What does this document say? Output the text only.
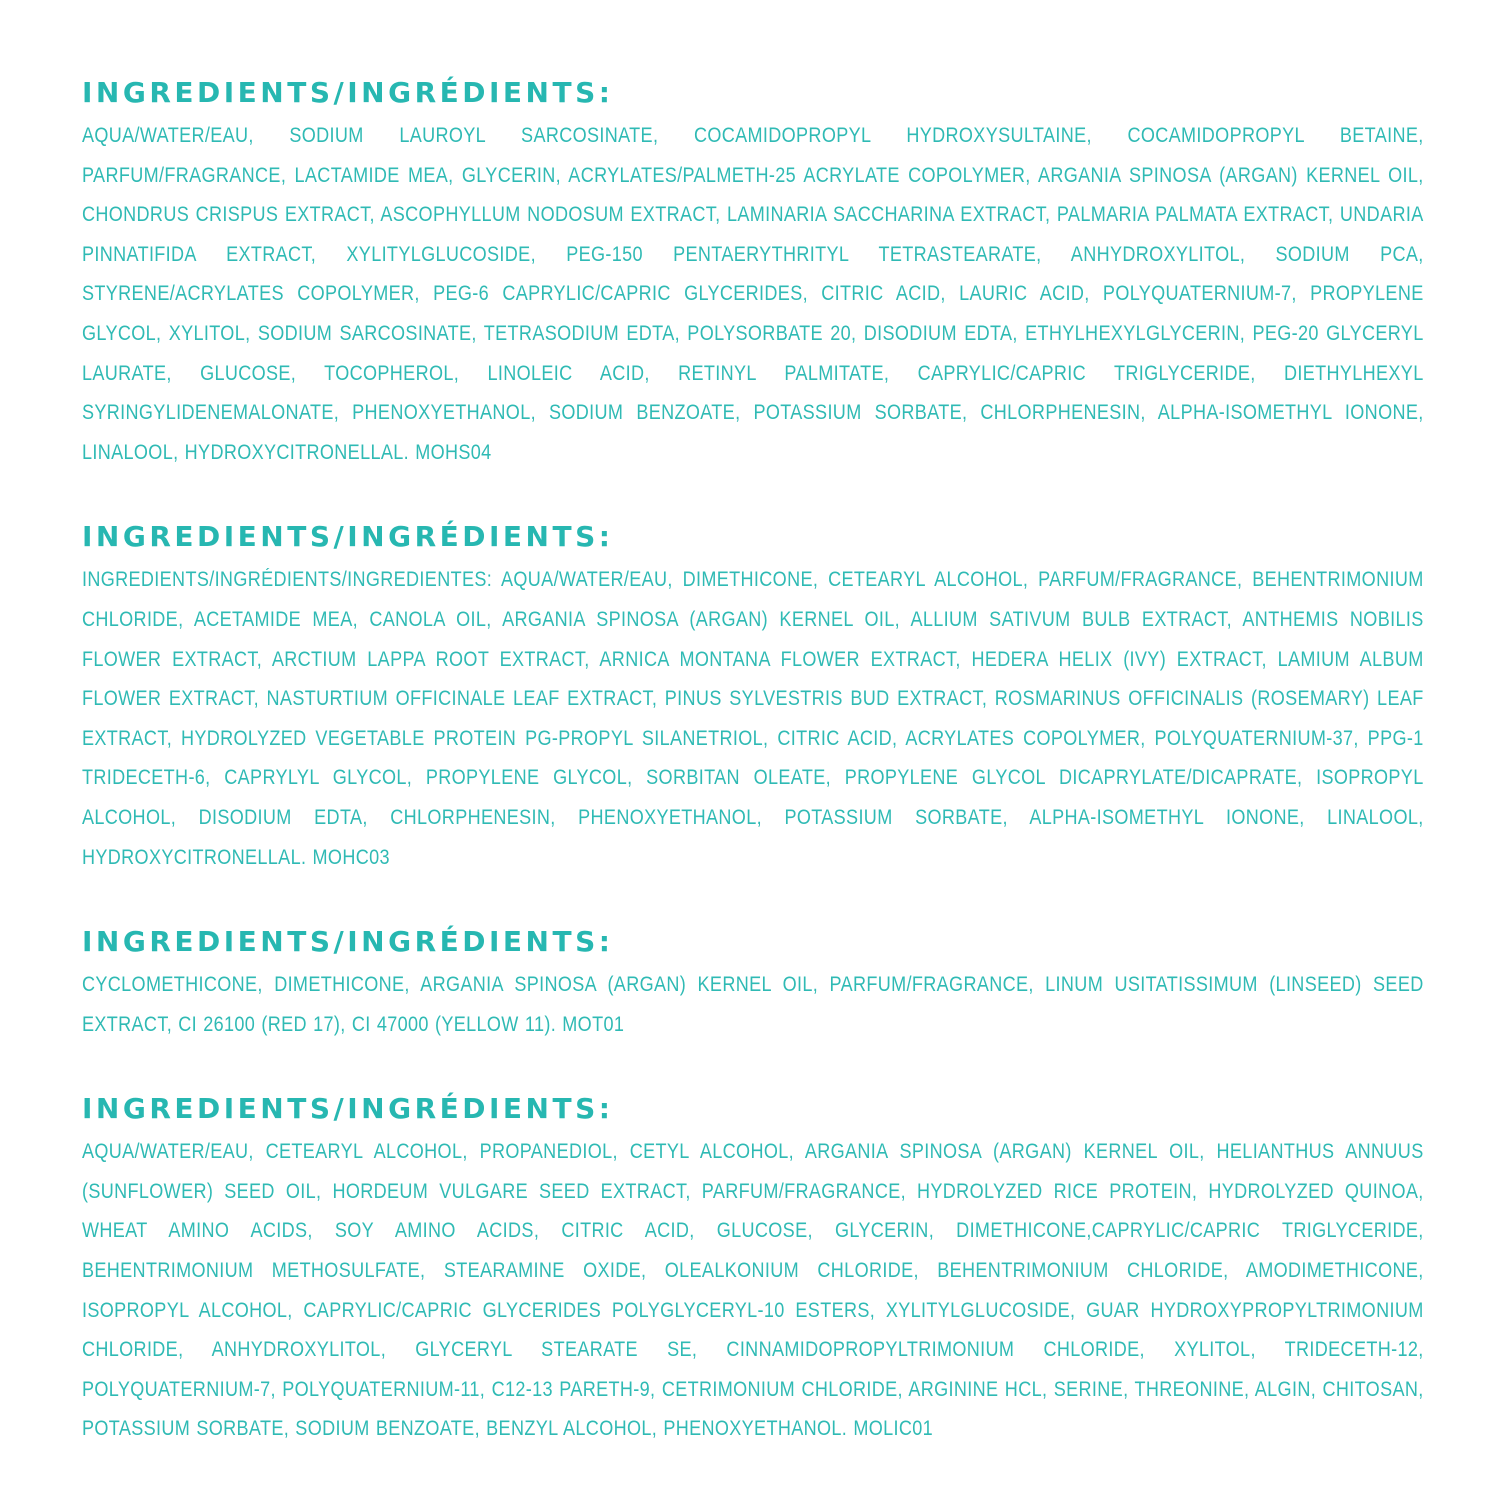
INGREDIENTS/INGRÉDIENTS:

AQUA/WATER/EAU, SODIUM LAUROYL SARCOSINATE, COCAMIDOPROPYL HYDROXYSULTAINE, COCAMIDOPROPYL BETAINE, PARFUM/FRAGRANCE, LACTAMIDE MEA, GLYCERIN, ACRYLATES/PALMETH-25 ACRYLATE COPOLYMER, ARGANIA SPINOSA (ARGAN) KERNEL OIL, CHONDRUS CRISPUS EXTRACT, ASCOPHYLLUM NODOSUM EXTRACT, LAMINARIA SACCHARINA EXTRACT, PALMARIA PALMATA EXTRACT, UNDARIA PINNATIFIDA EXTRACT, XYLITYLGLUCOSIDE, PEG-150 PENTAERYTHRITYL TETRASTEARATE, ANHYDROXYLITOL, SODIUM PCA, STYRENE/ACRYLATES COPOLYMER, PEG-6 CAPRYLIC/CAPRIC GLYCERIDES, CITRIC ACID, LAURIC ACID, POLYQUATERNIUM-7, PROPYLENE GLYCOL, XYLITOL, SODIUM SARCOSINATE, TETRASODIUM EDTA, POLYSORBATE 20, DISODIUM EDTA, ETHYLHEXYLGLYCERIN, PEG-20 GLYCERYL LAURATE, GLUCOSE, TOCOPHEROL, LINOLEIC ACID, RETINYL PALMITATE, CAPRYLIC/CAPRIC TRIGLYCERIDE, DIETHYLHEXYL SYRINGYLIDENEMALONATE, PHENOXYETHANOL, SODIUM BENZOATE, POTASSIUM SORBATE, CHLORPHENESIN, ALPHA-ISOMETHYL IONONE, LINALOOL, HYDROXYCITRONELLAL. MOHS04

INGREDIENTS/INGRÉDIENTS:

INGREDIENTS/INGRÉDIENTS/INGREDIENTES: AQUA/WATER/EAU, DIMETHICONE, CETEARYL ALCOHOL, PARFUM/FRAGRANCE, BEHENTRIMONIUM CHLORIDE, ACETAMIDE MEA, CANOLA OIL, ARGANIA SPINOSA (ARGAN) KERNEL OIL, ALLIUM SATIVUM BULB EXTRACT, ANTHEMIS NOBILIS FLOWER EXTRACT, ARCTIUM LAPPA ROOT EXTRACT, ARNICA MONTANA FLOWER EXTRACT, HEDERA HELIX (IVY) EXTRACT, LAMIUM ALBUM FLOWER EXTRACT, NASTURTIUM OFFICINALE LEAF EXTRACT, PINUS SYLVESTRIS BUD EXTRACT, ROSMARINUS OFFICINALIS (ROSEMARY) LEAF EXTRACT, HYDROLYZED VEGETABLE PROTEIN PG-PROPYL SILANETRIOL, CITRIC ACID, ACRYLATES COPOLYMER, POLYQUATERNIUM-37, PPG-1 TRIDECETH-6, CAPRYLYL GLYCOL, PROPYLENE GLYCOL, SORBITAN OLEATE, PROPYLENE GLYCOL DICAPRYLATE/DICAPRATE, ISOPROPYL ALCOHOL, DISODIUM EDTA, CHLORPHENESIN, PHENOXYETHANOL, POTASSIUM SORBATE, ALPHA-ISOMETHYL IONONE, LINALOOL, HYDROXYCITRONELLAL. MOHC03

INGREDIENTS/INGRÉDIENTS:

CYCLOMETHICONE, DIMETHICONE, ARGANIA SPINOSA (ARGAN) KERNEL OIL, PARFUM/FRAGRANCE, LINUM USITATISSIMUM (LINSEED) SEED EXTRACT, CI 26100 (RED 17), CI 47000 (YELLOW 11). MOT01

INGREDIENTS/INGRÉDIENTS:

AQUA/WATER/EAU, CETEARYL ALCOHOL, PROPANEDIOL, CETYL ALCOHOL, ARGANIA SPINOSA (ARGAN) KERNEL OIL, HELIANTHUS ANNUUS (SUNFLOWER) SEED OIL, HORDEUM VULGARE SEED EXTRACT, PARFUM/FRAGRANCE, HYDROLYZED RICE PROTEIN, HYDROLYZED QUINOA, WHEAT AMINO ACIDS, SOY AMINO ACIDS, CITRIC ACID, GLUCOSE, GLYCERIN, DIMETHICONE,CAPRYLIC/CAPRIC TRIGLYCERIDE, BEHENTRIMONIUM METHOSULFATE, STEARAMINE OXIDE, OLEALKONIUM CHLORIDE, BEHENTRIMONIUM CHLORIDE, AMODIMETHICONE, ISOPROPYL ALCOHOL, CAPRYLIC/CAPRIC GLYCERIDES POLYGLYCERYL-10 ESTERS, XYLITYLGLUCOSIDE, GUAR HYDROXYPROPYLTRIMONIUM CHLORIDE, ANHYDROXYLITOL, GLYCERYL STEARATE SE, CINNAMIDOPROPYLTRIMONIUM CHLORIDE, XYLITOL, TRIDECETH-12, POLYQUATERNIUM-7, POLYQUATERNIUM-11, C12-13 PARETH-9, CETRIMONIUM CHLORIDE, ARGININE HCL, SERINE, THREONINE, ALGIN, CHITOSAN, POTASSIUM SORBATE, SODIUM BENZOATE, BENZYL ALCOHOL, PHENOXYETHANOL. MOLIC01
